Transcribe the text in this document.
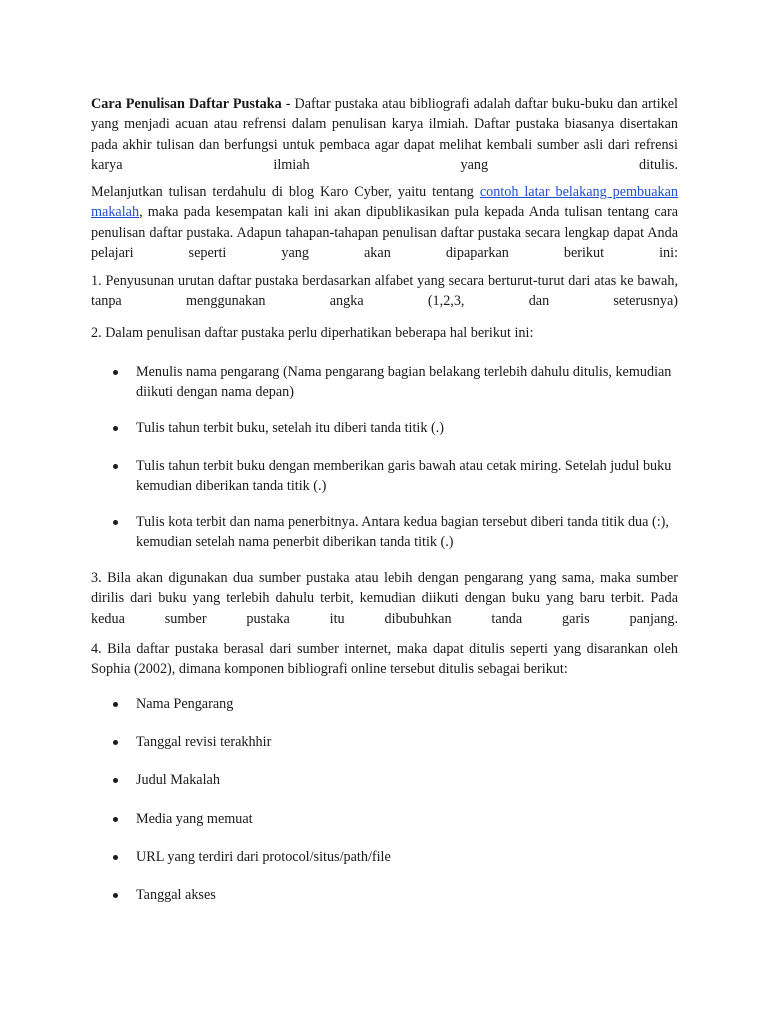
Cara Penulisan Daftar Pustaka - Daftar pustaka atau bibliografi adalah daftar buku-buku dan artikel yang menjadi acuan atau refrensi dalam penulisan karya ilmiah. Daftar pustaka biasanya disertakan pada akhir tulisan dan berfungsi untuk pembaca agar dapat melihat kembali sumber asli dari refrensi karya ilmiah yang ditulis.

Melanjutkan tulisan terdahulu di blog Karo Cyber, yaitu tentang contoh latar belakang pembuakan makalah, maka pada kesempatan kali ini akan dipublikasikan pula kepada Anda tulisan tentang cara penulisan daftar pustaka. Adapun tahapan-tahapan penulisan daftar pustaka secara lengkap dapat Anda pelajari seperti yang akan dipaparkan berikut ini:

1. Penyusunan urutan daftar pustaka berdasarkan alfabet yang secara berturut-turut dari atas ke bawah, tanpa menggunakan angka (1,2,3, dan seterusnya)

2. Dalam penulisan daftar pustaka perlu diperhatikan beberapa hal berikut ini:

Menulis nama pengarang (Nama pengarang bagian belakang terlebih dahulu ditulis, kemudian diikuti dengan nama depan)
Tulis tahun terbit buku, setelah itu diberi tanda titik (.)
Tulis tahun terbit buku dengan memberikan garis bawah atau cetak miring. Setelah judul buku kemudian diberikan tanda titik (.)
Tulis kota terbit dan nama penerbitnya. Antara kedua bagian tersebut diberi tanda titik dua (:), kemudian setelah nama penerbit diberikan tanda titik (.)

3. Bila akan digunakan dua sumber pustaka atau lebih dengan pengarang yang sama, maka sumber dirilis dari buku yang terlebih dahulu terbit, kemudian diikuti dengan buku yang baru terbit. Pada kedua sumber pustaka itu dibubuhkan tanda garis panjang.

4. Bila daftar pustaka berasal dari sumber internet, maka dapat ditulis seperti yang disarankan oleh Sophia (2002), dimana komponen bibliografi online tersebut ditulis sebagai berikut:

Nama Pengarang
Tanggal revisi terakhhir
Judul Makalah
Media yang memuat
URL yang terdiri dari protocol/situs/path/file
Tanggal akses
